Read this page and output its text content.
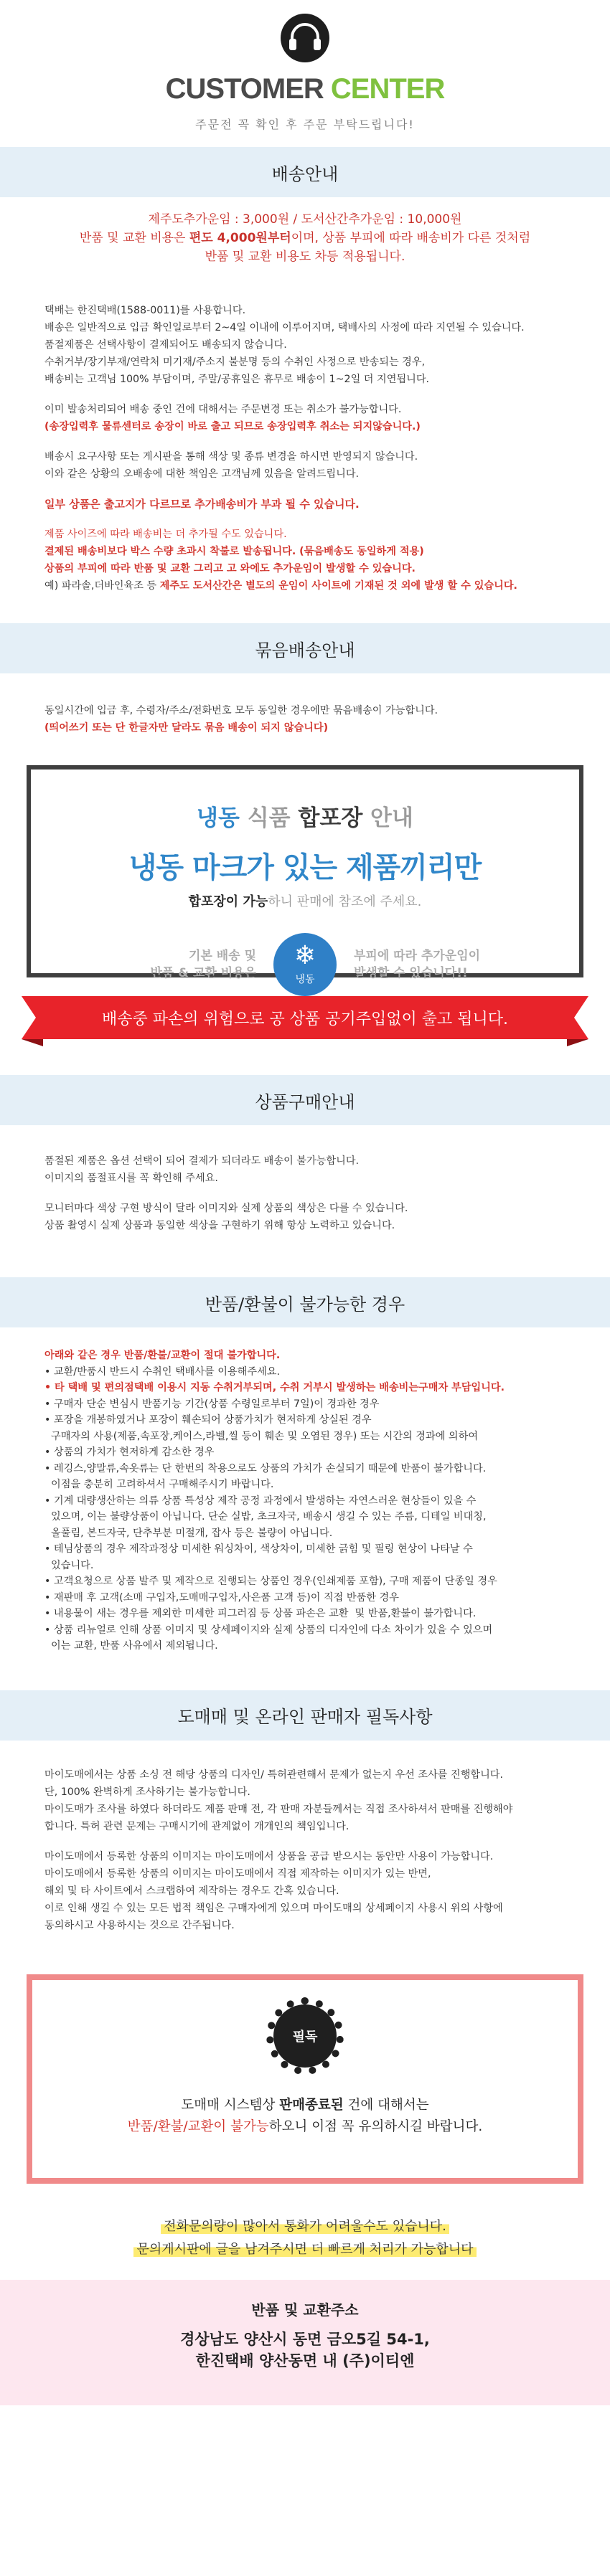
CUSTOMER CENTER
주문전 꼭 확인 후 주문 부탁드립니다!
배송안내
제주도추가운임 : 3,000원 / 도서산간추가운임 : 10,000원
반품 및 교환 비용은 편도 4,000원부터이며, 상품 부피에 따라 배송비가 다른 것처럼
반품 및 교환 비용도 차등 적용됩니다.

택배는 한진택배(1588-0011)를 사용합니다.

배송은 일반적으로 입금 확인일로부터 2~4일 이내에 이루어지며, 택배사의 사정에 따라 지연될 수 있습니다.

품절제품은 선택사항이 결제되어도 배송되지 않습니다.

수취거부/장기부재/연락처 미기재/주소지 불분명 등의 수취인 사정으로 반송되는 경우,

배송비는 고객님 100% 부담이며, 주말/공휴일은 휴무로 배송이 1~2일 더 지연됩니다.

이미 발송처리되어 배송 중인 건에 대해서는 주문변경 또는 취소가 불가능합니다.

(송장입력후 물류센터로 송장이 바로 출고 되므로 송장입력후 취소는 되지않습니다.)

배송시 요구사항 또는 게시판을 통해 색상 및 종류 변경을 하시면 반영되지 않습니다.

이와 같은 상황의 오배송에 대한 책임은 고객님께 있음을 알려드립니다.

일부 상품은 출고지가 다르므로 추가배송비가 부과 될 수 있습니다.

제품 사이즈에 따라 배송비는 더 추가될 수도 있습니다.

결제된 배송비보다 박스 수량 초과시 착불로 발송됩니다. (묶음배송도 동일하게 적용)

상품의 부피에 따라 반품 및 교환 그리고 고 와에도 추가운임이 발생할 수 있습니다.

예) 파라솔,더바인육조 등 제주도 도서산간은 별도의 운임이 사이트에 기재된 것 외에 발생 할 수 있습니다.

묶음배송안내

동일시간에 입금 후, 수령자/주소/전화번호 모두 동일한 경우에만 묶음배송이 가능합니다.

(띄어쓰기 또는 단 한글자만 달라도 묶음 배송이 되지 않습니다)

냉동 식품 합포장 안내
냉동 마크가 있는 제품끼리만
합포장이 가능하니 판매에 참조에 주세요.
기본 배송 및
반품 & 교환 비용은
❄
냉동
부피에 따라 추가운임이
발생할 수 있습니다!!
배송중 파손의 위험으로 공 상품 공기주입없이 출고 됩니다.
상품구매안내

품절된 제품은 옵션 선택이 되어 결제가 되더라도 배송이 불가능합니다.

이미지의 품절표시를 꼭 확인해 주세요.

모니터마다 색상 구현 방식이 달라 이미지와 실제 상품의 색상은 다를 수 있습니다.

상품 촬영시 실제 상품과 동일한 색상을 구현하기 위해 항상 노력하고 있습니다.

반품/환불이 불가능한 경우

아래와 같은 경우 반품/환불/교환이 절대 불가합니다.

• 교환/반품시 반드시 수취인 택배사를 이용해주세요.

• 타 택배 및 편의점택배 이용시 지동 수취거부되며, 수취 거부시 발생하는 배송비는구매자 부담입니다.

• 구매자 단순 변심시 반품기능 기간(상품 수령일로부터 7일)이 경과한 경우

• 포장을 개봉하였거나 포장이 훼손되어 상품가치가 현저하게 상실된 경우

구매자의 사용(제품,속포장,케이스,라벨,씰 등이 훼손 및 오염된 경우) 또는 시간의 경과에 의하여

• 상품의 가치가 현저하게 감소한 경우

• 레깅스,양말류,속옷류는 단 한번의 착용으로도 상품의 가치가 손실되기 때문에 반품이 불가합니다.

이점을 충분히 고려하셔서 구매해주시기 바랍니다.

• 기계 대량생산하는 의류 상품 특성상 제작 공정 과정에서 발생하는 자연스러운 현상들이 있을 수

있으며, 이는 불량상품이 아닙니다. 단순 실밥, 초크자국, 배송시 생길 수 있는 주름, 디테일 비대칭,

올풀림, 본드자국, 단추부분 미절개, 잡사 등은 불량이 아닙니다.

• 테님상품의 경우 제작과정상 미세한 워싱차이, 색상차이, 미세한 긁힘 및 필링 현상이 나타날 수

있습니다.

• 고객요청으로 상품 발주 및 제작으로 진행되는 상품인 경우(인쇄제품 포함), 구매 제품이 단종일 경우

• 재판매 후 고객(소매 구입자,도매매구입자,사은품 고객 등)이 직접 반품한 경우

• 내용물이 새는 경우를 제외한 미세한 피그러짐 등 상품 파손은 교환  및 반품,환불이 불가합니다.

• 상품 리뉴얼로 인해 상품 이미지 및 상세페이지와 실제 상품의 디자인에 다소 차이가 있을 수 있으며

이는 교환, 반품 사유에서 제외됩니다.

도매매 및 온라인 판매자 필독사항

마이도매에서는 상품 소싱 전 해당 상품의 디자인/ 특허관련해서 문제가 없는지 우선 조사를 진행합니다.

단, 100% 완벽하게 조사하기는 불가능합니다.

마이도매가 조사를 하였다 하더라도 제품 판매 전, 각 판매 자분들께서는 직접 조사하셔서 판매를 진행해야

합니다. 특허 관련 문제는 구매시기에 관계없이 개개인의 책임입니다.

마이도매에서 등록한 상품의 이미지는 마이도매에서 상품을 공급 받으시는 동안만 사용이 가능합니다.

마이도매에서 등록한 상품의 이미지는 마이도매에서 직접 제작하는 이미지가 있는 반면,

해외 및 타 사이트에서 스크랩하여 제작하는 경우도 간혹 있습니다.

이로 인해 생길 수 있는 모든 법적 책임은 구매자에게 있으며 마이도매의 상세페이지 사용시 위의 사항에

동의하시고 사용하시는 것으로 간주됩니다.

필독
도매매 시스템상 판매종료된 건에 대해서는
반품/환불/교환이 불가능하오니 이점 꼭 유의하시길 바랍니다.
전화문의량이 많아서 통화가 어려울수도 있습니다.
문의게시판에 글을 남겨주시면 더 빠르게 처리가 가능합니다
반품 및 교환주소
경상남도 양산시 동면 금오5길 54-1,
한진택배 양산동면 내 (주)이티엔
